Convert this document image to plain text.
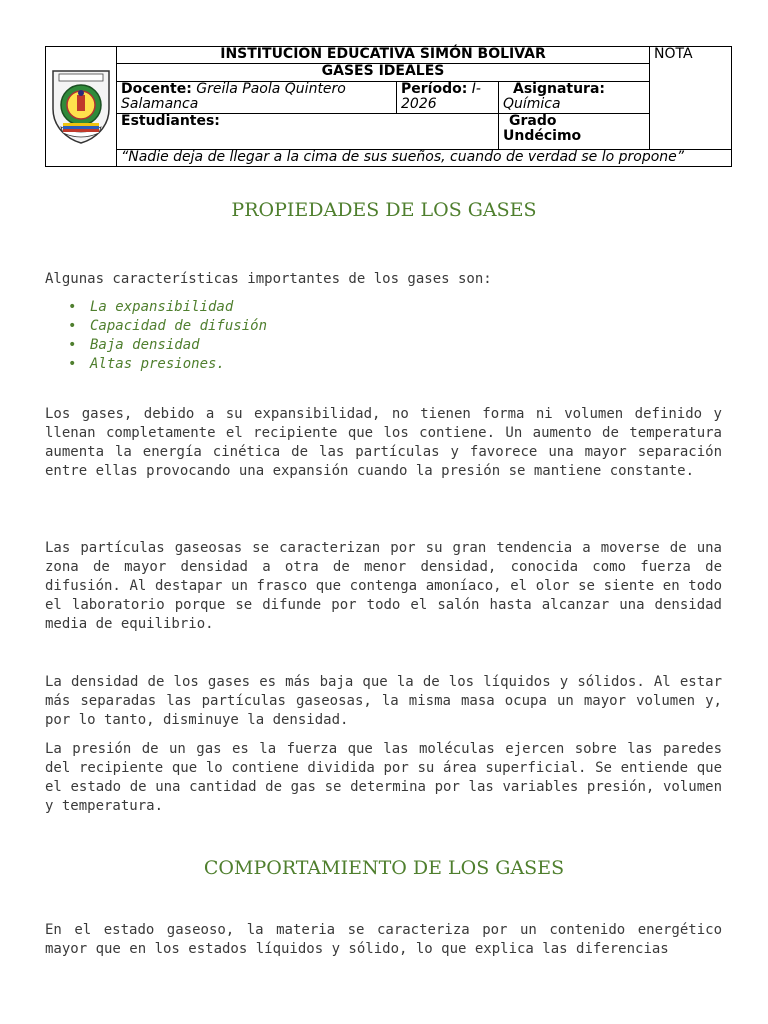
	INSTITUCION EDUCATIVA SIMÓN BOLIVAR			NOTA
	GASES IDEALES			
	Docente: Greila Paola Quintero Salamanca	Período: I-2026	Asignatura:
Química	

	Estudiantes:		Grado
Undécimo	

	“Nadie deja de llegar a la cima de sus sueños, cuando de verdad se lo propone”			
PROPIEDADES DE LOS GASES

Algunas características importantes de los gases son:

• La expansibilidad
• Capacidad de difusión
• Baja densidad
• Altas presiones.

Los gases, debido a su expansibilidad, no tienen forma ni volumen definido y llenan completamente el recipiente que los contiene. Un aumento de temperatura aumenta la energía cinética de las partículas y favorece una mayor separación entre ellas provocando una expansión cuando la presión se mantiene constante.

Las partículas gaseosas se caracterizan por su gran tendencia a moverse de una zona de mayor densidad a otra de menor densidad, conocida como fuerza de difusión. Al destapar un frasco que contenga amoníaco, el olor se siente en todo el laboratorio porque se difunde por todo el salón hasta alcanzar una densidad media de equilibrio.

La densidad de los gases es más baja que la de los líquidos y sólidos. Al estar más separadas las partículas gaseosas, la misma masa ocupa un mayor volumen y, por lo tanto, disminuye la densidad.

La presión de un gas es la fuerza que las moléculas ejercen sobre las paredes del recipiente que lo contiene dividida por su área superficial. Se entiende que el estado de una cantidad de gas se determina por las variables presión, volumen y temperatura.

COMPORTAMIENTO DE LOS GASES

En el estado gaseoso, la materia se caracteriza por un contenido energético mayor que en los estados líquidos y sólido, lo que explica las diferencias
